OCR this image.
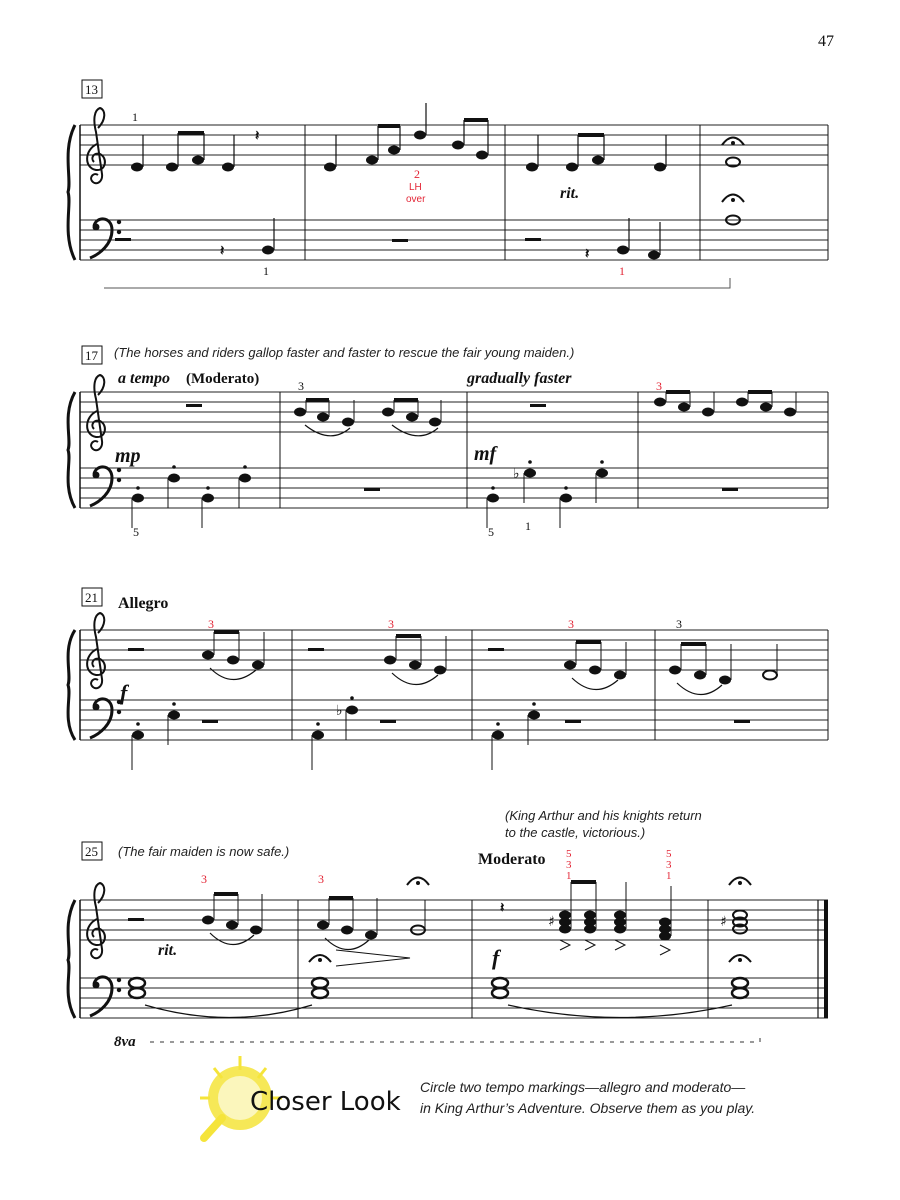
47
13
𝄽
𝄽	𝄽
1
2
LH
over	rit.
1	1
17 (The horses and riders gallop faster and faster to rescue the fair young maiden.)
a tempo (Moderato)	gradually faster
♭
3	3
mp	mf
5	5	1
21 Allegro
♭
3	3	3	3
f
(King Arthur and his knights return
to the castle, victorious.)
25 (The fair maiden is now safe.)	Moderato
𝄽
♯	♯
3	3
5
3
1
5
3
1
rit.	f
8va
Closer Look Circle two tempo markings—allegro and moderato—
in King Arthur’s Adventure. Observe them as you play.
